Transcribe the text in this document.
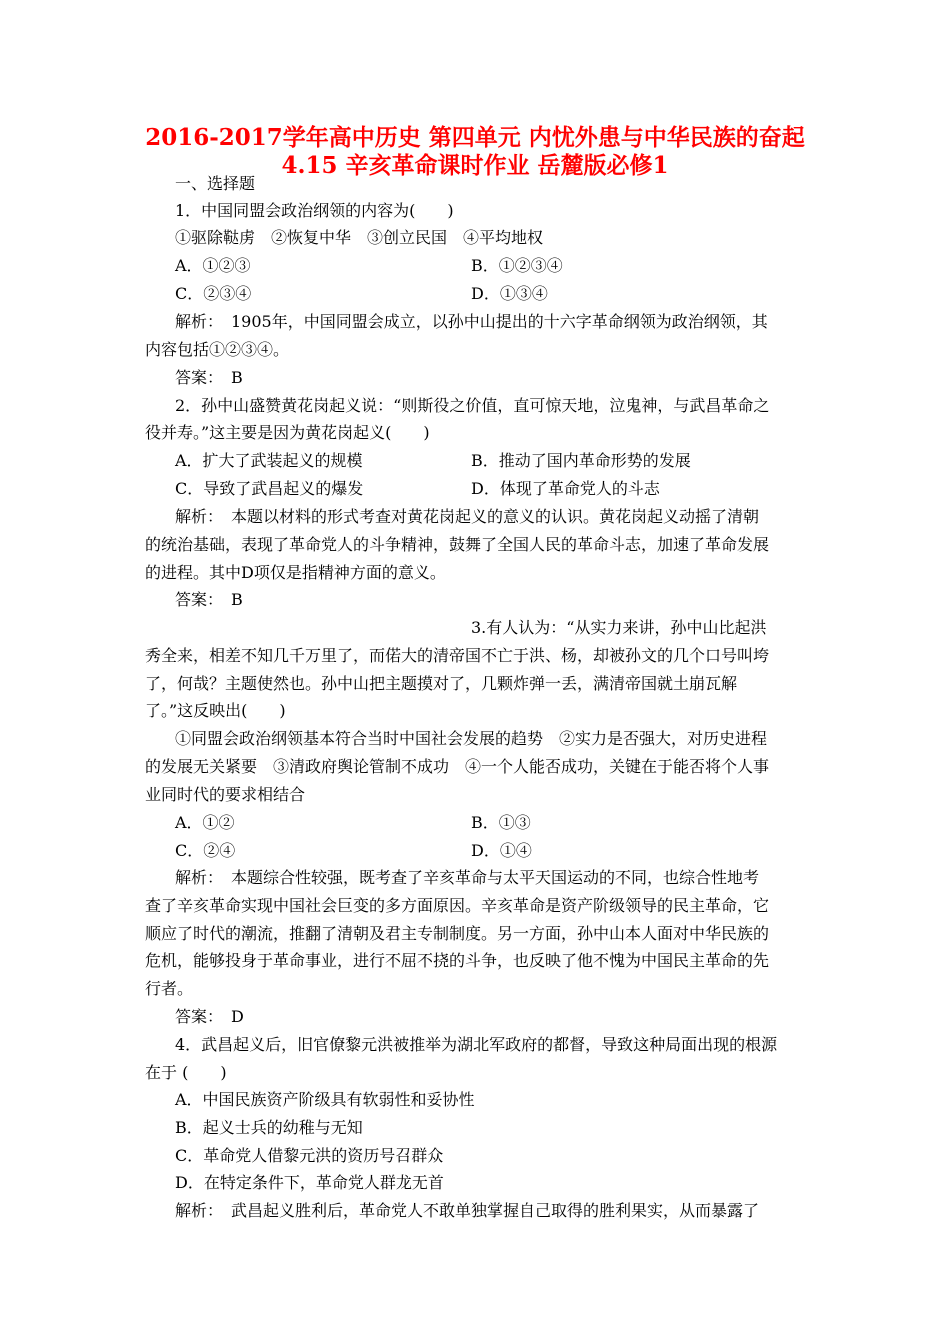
2016-2017学年高中历史 第四单元 内忧外患与中华民族的奋起
4.15 辛亥革命课时作业 岳麓版必修1
一、选择题
1．中国同盟会政治纲领的内容为(　　)
①驱除鞑虏　②恢复中华　③创立民国　④平均地权
A．①②③	B．①②③④
C．②③④	D．①③④
解析：　1905年，中国同盟会成立，以孙中山提出的十六字革命纲领为政治纲领，其
内容包括①②③④。
答案：　B
2．孙中山盛赞黄花岗起义说：“则斯役之价值，直可惊天地，泣鬼神，与武昌革命之
役并寿。”这主要是因为黄花岗起义(　　)
A．扩大了武装起义的规模	B．推动了国内革命形势的发展
C．导致了武昌起义的爆发	D．体现了革命党人的斗志
解析：　本题以材料的形式考查对黄花岗起义的意义的认识。黄花岗起义动摇了清朝
的统治基础，表现了革命党人的斗争精神，鼓舞了全国人民的革命斗志，加速了革命发展
的进程。其中D项仅是指精神方面的意义。
答案：　B
3.有人认为：“从实力来讲，孙中山比起洪
秀全来，相差不知几千万里了，而偌大的清帝国不亡于洪、杨，却被孙文的几个口号叫垮
了，何哉？主题使然也。孙中山把主题摸对了，几颗炸弹一丢，满清帝国就土崩瓦解
了。”这反映出(　　)
①同盟会政治纲领基本符合当时中国社会发展的趋势　②实力是否强大，对历史进程
的发展无关紧要　③清政府舆论管制不成功　④一个人能否成功，关键在于能否将个人事
业同时代的要求相结合
A．①②	B．①③
C．②④	D．①④
解析：　本题综合性较强，既考查了辛亥革命与太平天国运动的不同，也综合性地考
查了辛亥革命实现中国社会巨变的多方面原因。辛亥革命是资产阶级领导的民主革命，它
顺应了时代的潮流，推翻了清朝及君主专制制度。另一方面，孙中山本人面对中华民族的
危机，能够投身于革命事业，进行不屈不挠的斗争，也反映了他不愧为中国民主革命的先
行者。
答案：　D
4．武昌起义后，旧官僚黎元洪被推举为湖北军政府的都督，导致这种局面出现的根源
在于 (　　)
A．中国民族资产阶级具有软弱性和妥协性
B．起义士兵的幼稚与无知
C．革命党人借黎元洪的资历号召群众
D．在特定条件下，革命党人群龙无首
解析：　武昌起义胜利后，革命党人不敢单独掌握自己取得的胜利果实，从而暴露了
